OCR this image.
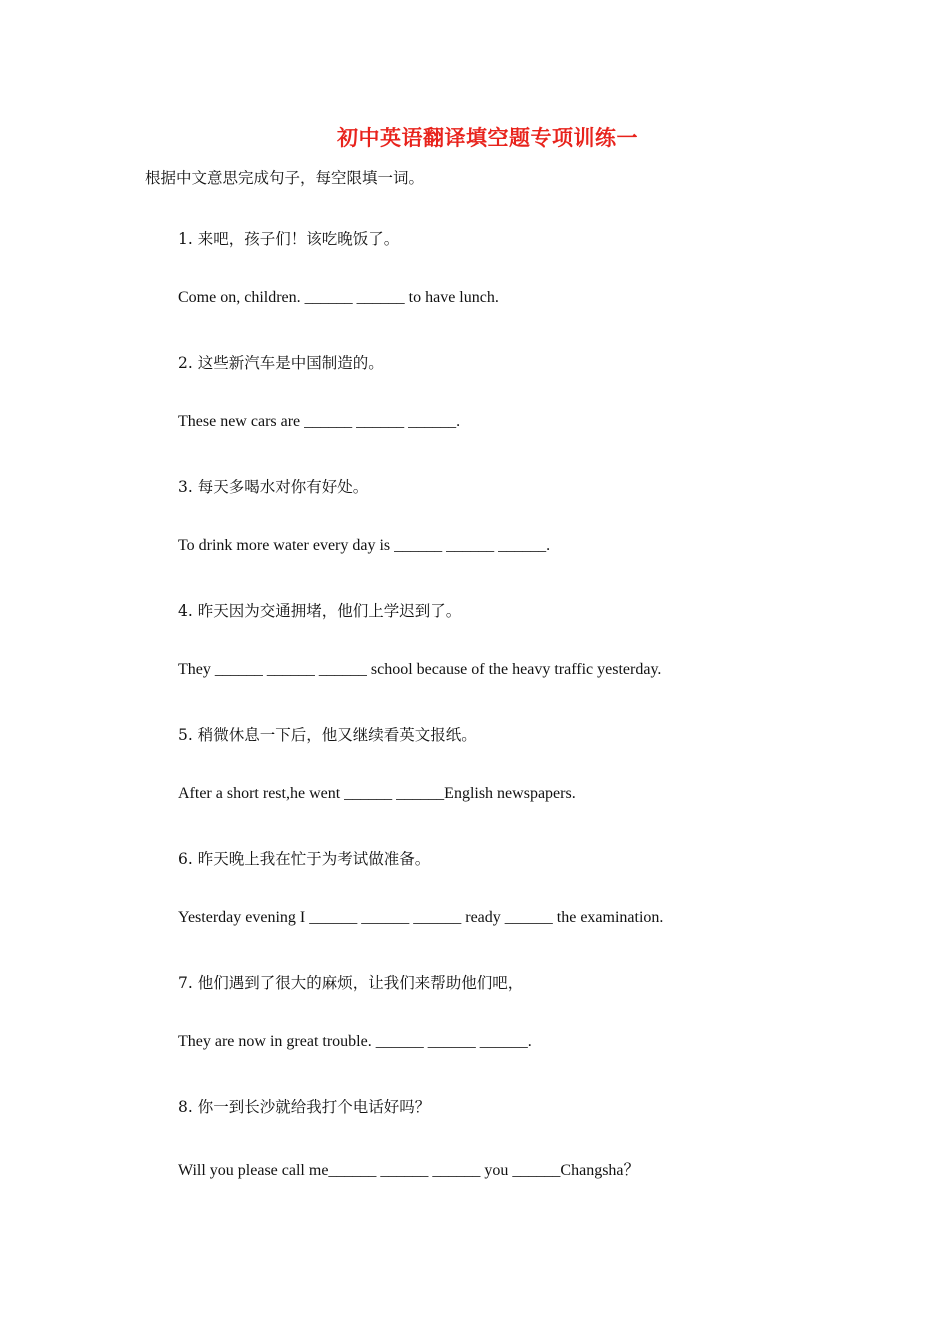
初中英语翻译填空题专项训练一
根据中文意思完成句子，每空限填一词。
1. 来吧，孩子们！该吃晚饭了。
Come on, children. ______ ______ to have lunch.
2. 这些新汽车是中国制造的。
These new cars are ______ ______ ______.
3. 每天多喝水对你有好处。
To drink more water every day is ______ ______ ______.
4. 昨天因为交通拥堵，他们上学迟到了。
They ______ ______ ______ school because of the heavy traffic yesterday.
5. 稍微休息一下后，他又继续看英文报纸。
After a short rest,he went ______ ______English newspapers.
6. 昨天晚上我在忙于为考试做准备。
Yesterday evening I ______ ______ ______ ready ______ the examination.
7. 他们遇到了很大的麻烦，让我们来帮助他们吧，
They are now in great trouble. ______ ______ ______.
8. 你一到长沙就给我打个电话好吗？
Will you please call me______ ______ ______ you ______Changsha？
